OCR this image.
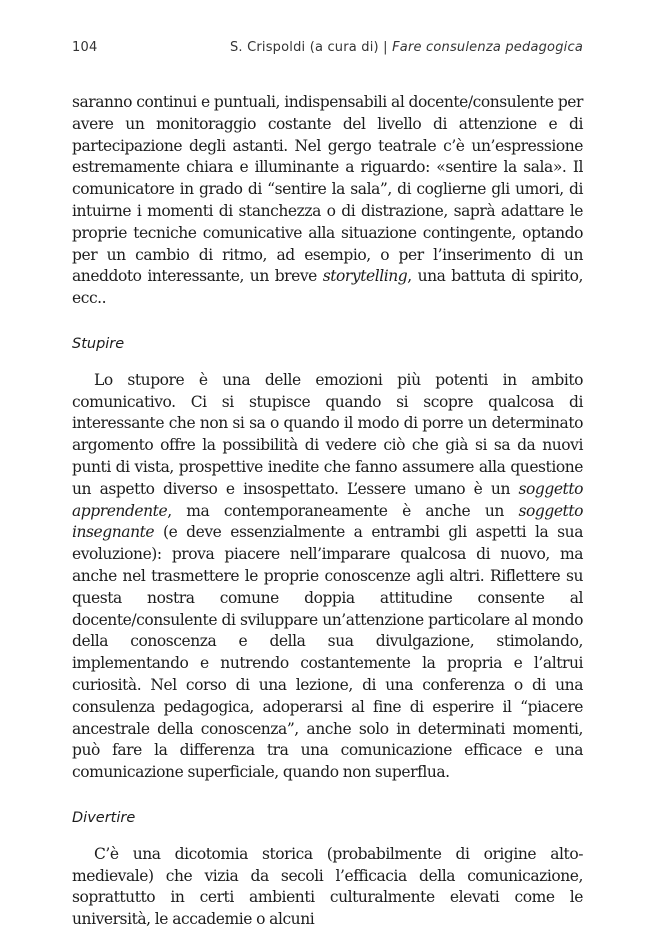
104	S. Crispoldi (a cura di) | Fare consulenza pedagogica

saranno continui e puntuali, indispensabili al docente/consulente per avere un monitoraggio costante del livello di attenzione e di partecipazione degli astanti. Nel gergo teatrale c’è un’espressione estremamente chiara e illuminante a riguardo: «sentire la sala». Il comunicatore in grado di “sentire la sala”, di coglierne gli umori, di intuirne i momenti di stanchezza o di distrazione, saprà adattare le proprie tecniche comunicative alla situazione contingente, optando per un cambio di ritmo, ad esempio, o per l’inserimento di un aneddoto interessante, un breve storytelling, una battuta di spirito, ecc..

Stupire

Lo stupore è una delle emozioni più potenti in ambito comunicativo. Ci si stupisce quando si scopre qualcosa di interessante che non si sa o quando il modo di porre un determinato argomento offre la possibilità di vedere ciò che già si sa da nuovi punti di vista, prospettive inedite che fanno assumere alla questione un aspetto diverso e insospettato. L’essere umano è un soggetto apprendente, ma contemporaneamente è anche un soggetto insegnante (e deve essenzialmente a entrambi gli aspetti la sua evoluzione): prova piacere nell’imparare qualcosa di nuovo, ma anche nel trasmettere le proprie conoscenze agli altri. Riflettere su questa nostra comune doppia attitudine consente al docente/consulente di sviluppare un’attenzione particolare al mondo della conoscenza e della sua divulgazione, stimolando, implementando e nutrendo costantemente la propria e l’altrui curiosità. Nel corso di una lezione, di una conferenza o di una consulenza pedagogica, adoperarsi al fine di esperire il “piacere ancestrale della conoscenza”, anche solo in determinati momenti, può fare la differenza tra una comunicazione efficace e una comunicazione superficiale, quando non superflua.

Divertire

C’è una dicotomia storica (probabilmente di origine alto-medievale) che vizia da secoli l’efficacia della comunicazione, soprattutto in certi ambienti culturalmente elevati come le università, le accademie o alcuni
